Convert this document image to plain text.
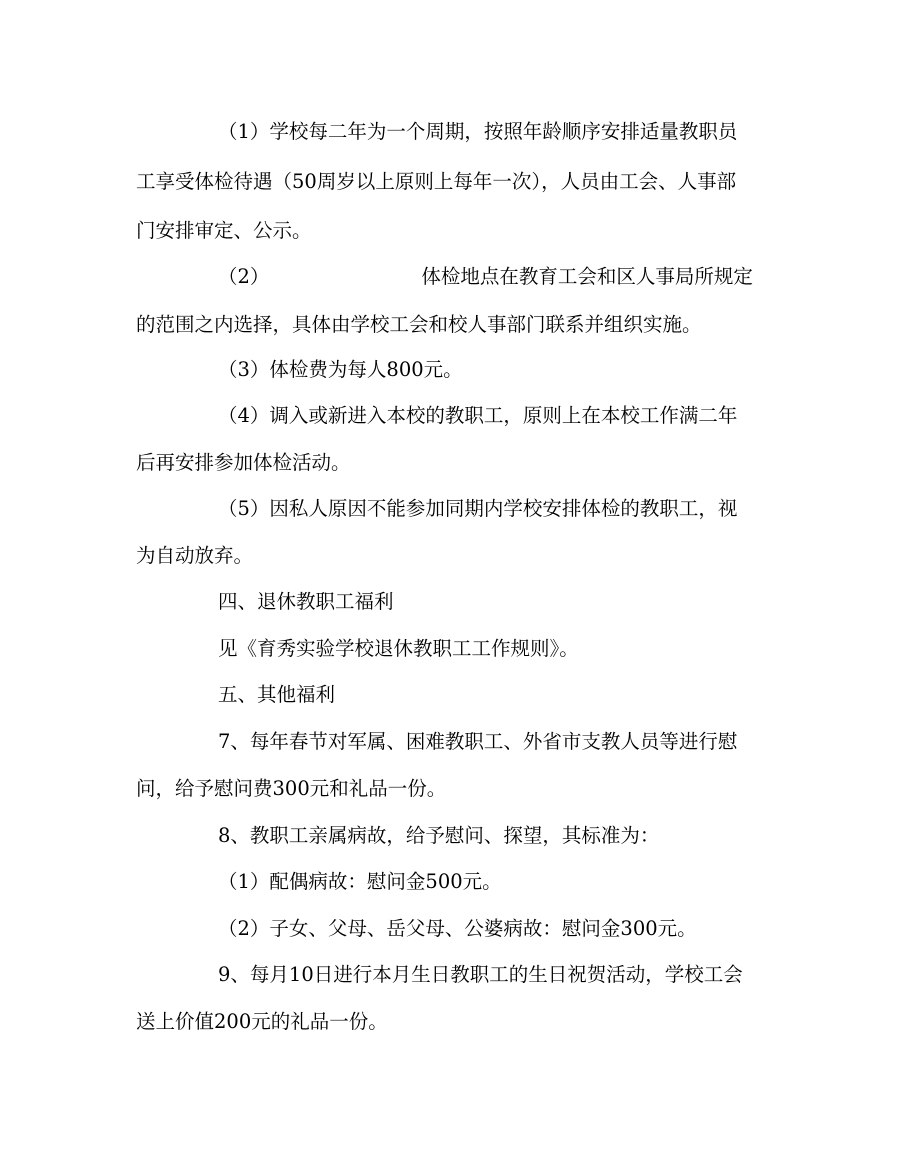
（1）学校每二年为一个周期，按照年龄顺序安排适量教职员
工享受体检待遇（50周岁以上原则上每年一次），人员由工会、人事部
门安排审定、公示。
（2）	体检地点在教育工会和区人事局所规定
的范围之内选择，具体由学校工会和校人事部门联系并组织实施。
（3）体检费为每人800元。
（4）调入或新进入本校的教职工，原则上在本校工作满二年
后再安排参加体检活动。
（5）因私人原因不能参加同期内学校安排体检的教职工，视
为自动放弃。
四、退休教职工福利
见《育秀实验学校退休教职工工作规则》。
五、其他福利
7、每年春节对军属、困难教职工、外省市支教人员等进行慰
问，给予慰问费300元和礼品一份。
8、教职工亲属病故，给予慰问、探望，其标准为：
（1）配偶病故：慰问金500元。
（2）子女、父母、岳父母、公婆病故：慰问金300元。
9、每月10日进行本月生日教职工的生日祝贺活动，学校工会
送上价值200元的礼品一份。
